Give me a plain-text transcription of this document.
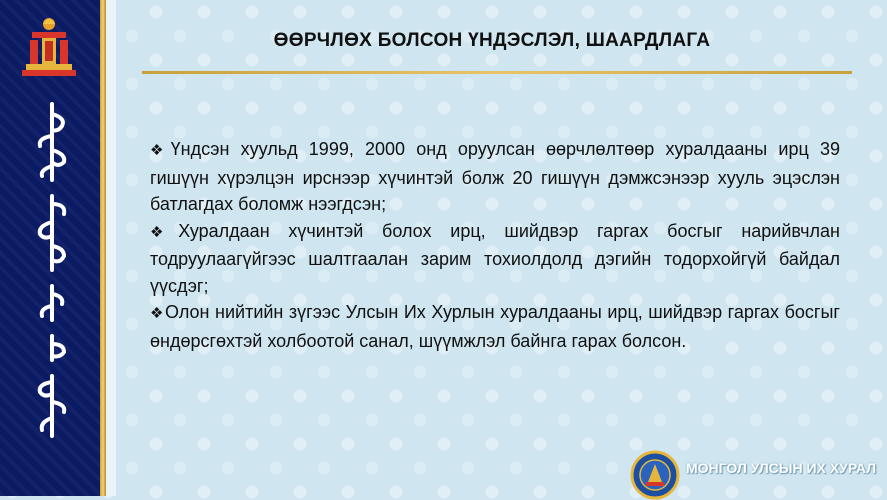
ӨӨРЧЛӨХ БОЛСОН ҮНДЭСЛЭЛ, ШААРДЛАГА

❖Үндсэн хуульд 1999, 2000 онд оруулсан өөрчлөлтөөр хуралдааны ирц 39 гишүүн хүрэлцэн ирснээр хүчинтэй болж 20 гишүүн дэмжсэнээр хууль эцэслэн батлагдах боломж нээгдсэн;

❖Хуралдаан хүчинтэй болох ирц, шийдвэр гаргах босгыг нарийвчлан тодруулаагүйгээс шалтгаалан зарим тохиолдолд дэгийн тодорхойгүй байдал үүсдэг;

❖Олон нийтийн зүгээс Улсын Их Хурлын хуралдааны ирц, шийдвэр гаргах босгыг өндөрсгөхтэй холбоотой санал, шүүмжлэл байнга гарах болсон.

МОНГОЛ УЛСЫН ИХ ХУРАЛ
